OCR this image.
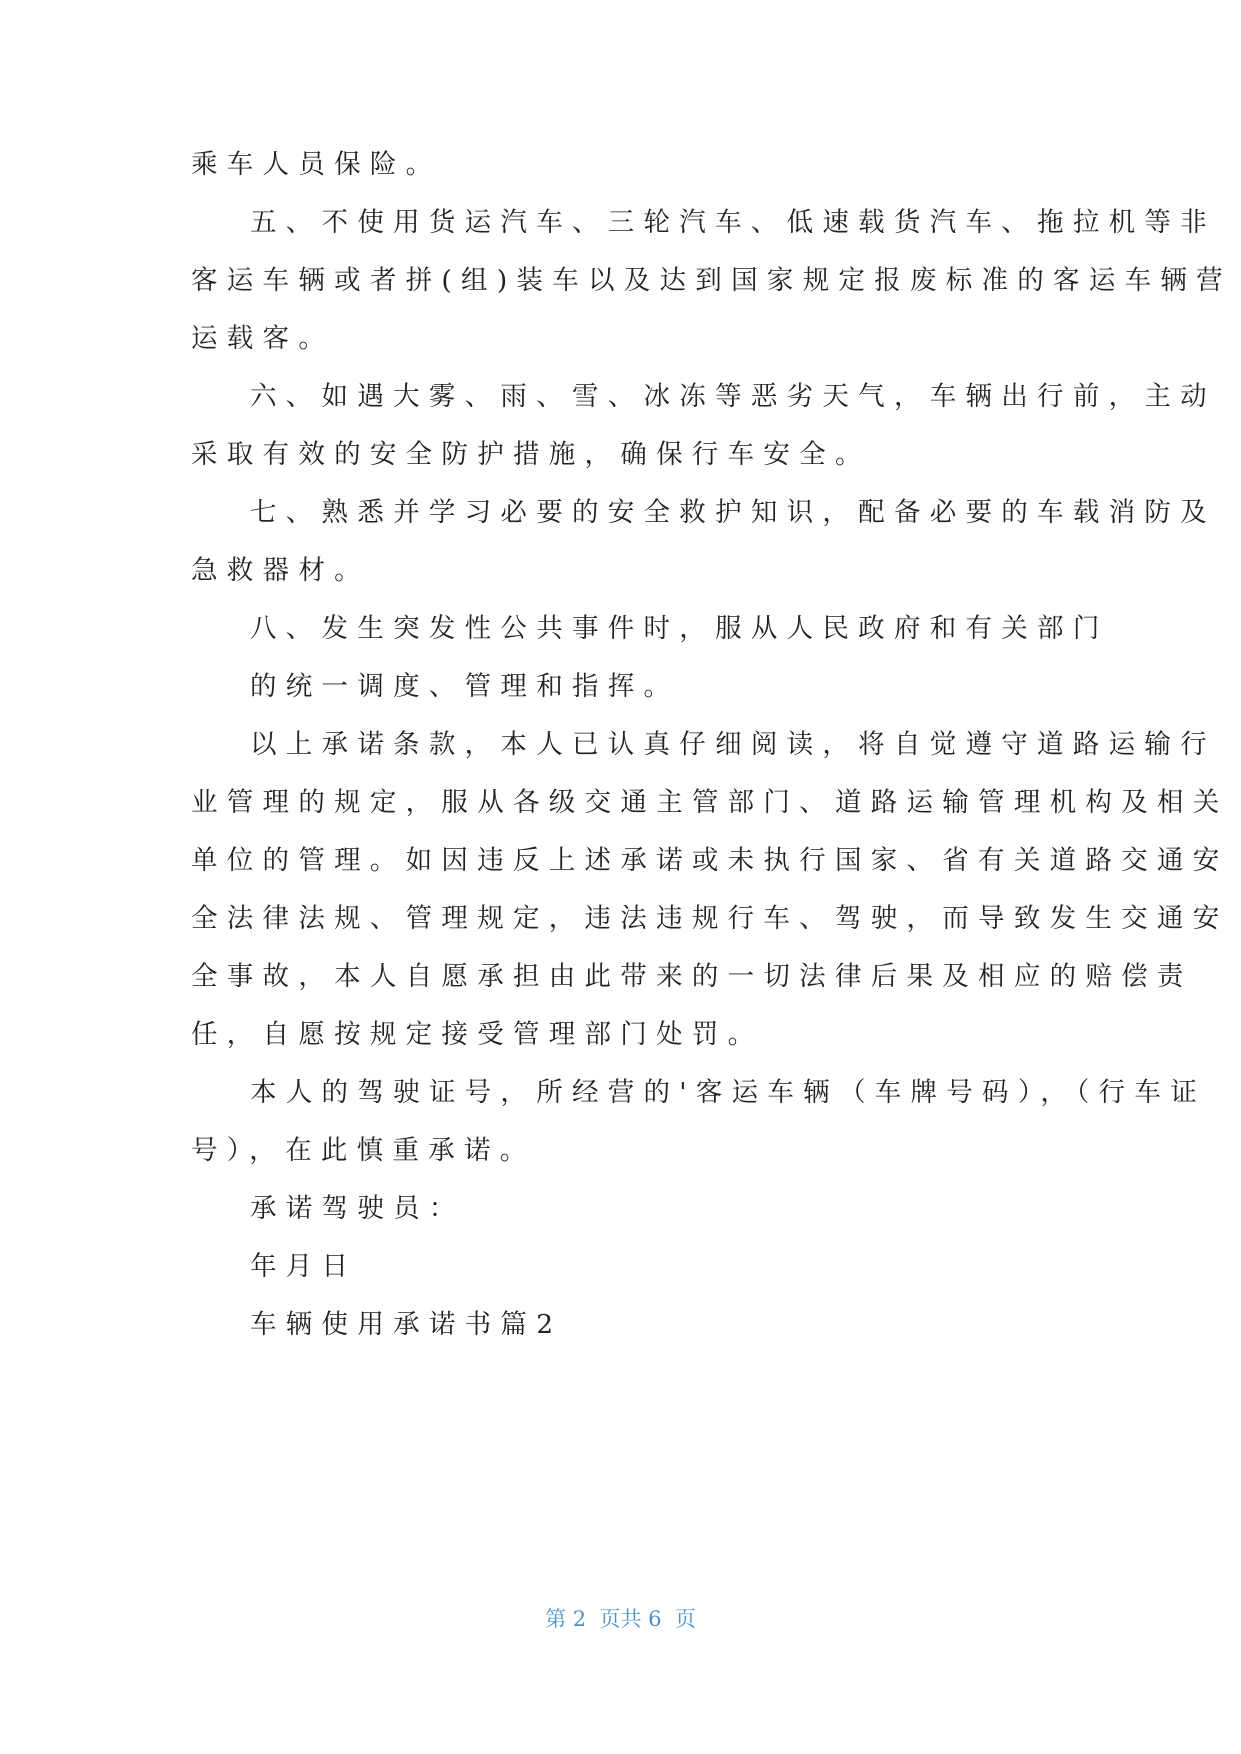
乘车人员保险。
五、不使用货运汽车、三轮汽车、低速载货汽车、拖拉机等非
客运车辆或者拼(组)装车以及达到国家规定报废标准的客运车辆营
运载客。
六、如遇大雾、雨、雪、冰冻等恶劣天气，车辆出行前，主动
采取有效的安全防护措施，确保行车安全。
七、熟悉并学习必要的安全救护知识，配备必要的车载消防及
急救器材。
八、发生突发性公共事件时，服从人民政府和有关部门
的统一调度、管理和指挥。
以上承诺条款，本人已认真仔细阅读，将自觉遵守道路运输行
业管理的规定，服从各级交通主管部门、道路运输管理机构及相关
单位的管理。如因违反上述承诺或未执行国家、省有关道路交通安
全法律法规、管理规定，违法违规行车、驾驶，而导致发生交通安
全事故，本人自愿承担由此带来的一切法律后果及相应的赔偿责
任，自愿按规定接受管理部门处罚。
本人的驾驶证号，所经营的'客运车辆（车牌号码），（行车证
号），在此慎重承诺。
承诺驾驶员：
年月日
车辆使用承诺书篇2
第 2  页共 6  页
